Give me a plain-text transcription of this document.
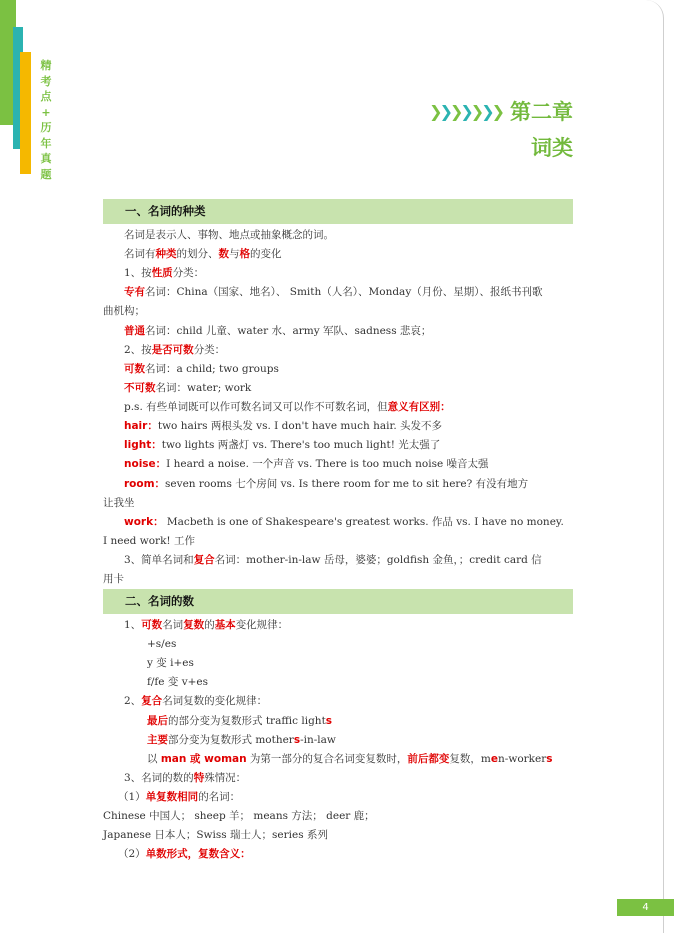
精
考
点
+
历
年
真
题
❯ ❯ ❯ ❯ ❯ ❯ ❯ 第二章
词类
一、名词的种类
名词是表示人、事物、地点或抽象概念的词。
名词有种类的划分、数与格的变化
1、按性质分类：
专有名词：China（国家、地名）、 Smith（人名）、Monday（月份、星期）、报纸书刊歌
曲机构；
普通名词：child 儿童、water 水、army 军队、sadness 悲哀；
2、按是否可数分类：
可数名词：a child; two groups
不可数名词：water; work
p.s. 有些单词既可以作可数名词又可以作不可数名词，但意义有区别：
hair：two hairs 两根头发 vs. I don't have much hair. 头发不多
light：two lights 两盏灯 vs. There's too much light! 光太强了
noise：I heard a noise. 一个声音 vs. There is too much noise 噪音太强
room：seven rooms 七个房间 vs. Is there room for me to sit here? 有没有地方
让我坐
work： Macbeth is one of Shakespeare's greatest works. 作品 vs. I have no money.
I need work! 工作
3、简单名词和复合名词：mother-in-law 岳母，婆婆；goldfish 金鱼，；credit card 信
用卡
二、名词的数
1、可数名词复数的基本变化规律：
+s/es
y 变 i+es
f/fe 变 v+es
2、复合名词复数的变化规律：
最后的部分变为复数形式 traffic lights
主要部分变为复数形式 mothers-in-law
以 man 或 woman 为第一部分的复合名词变复数时，前后都变复数，men-workers
3、名词的数的特殊情况：
（1）单复数相同的名词：
Chinese 中国人； sheep 羊； means 方法； deer 鹿；
Japanese 日本人；Swiss 瑞士人；series 系列
（2）单数形式，复数含义：
4
